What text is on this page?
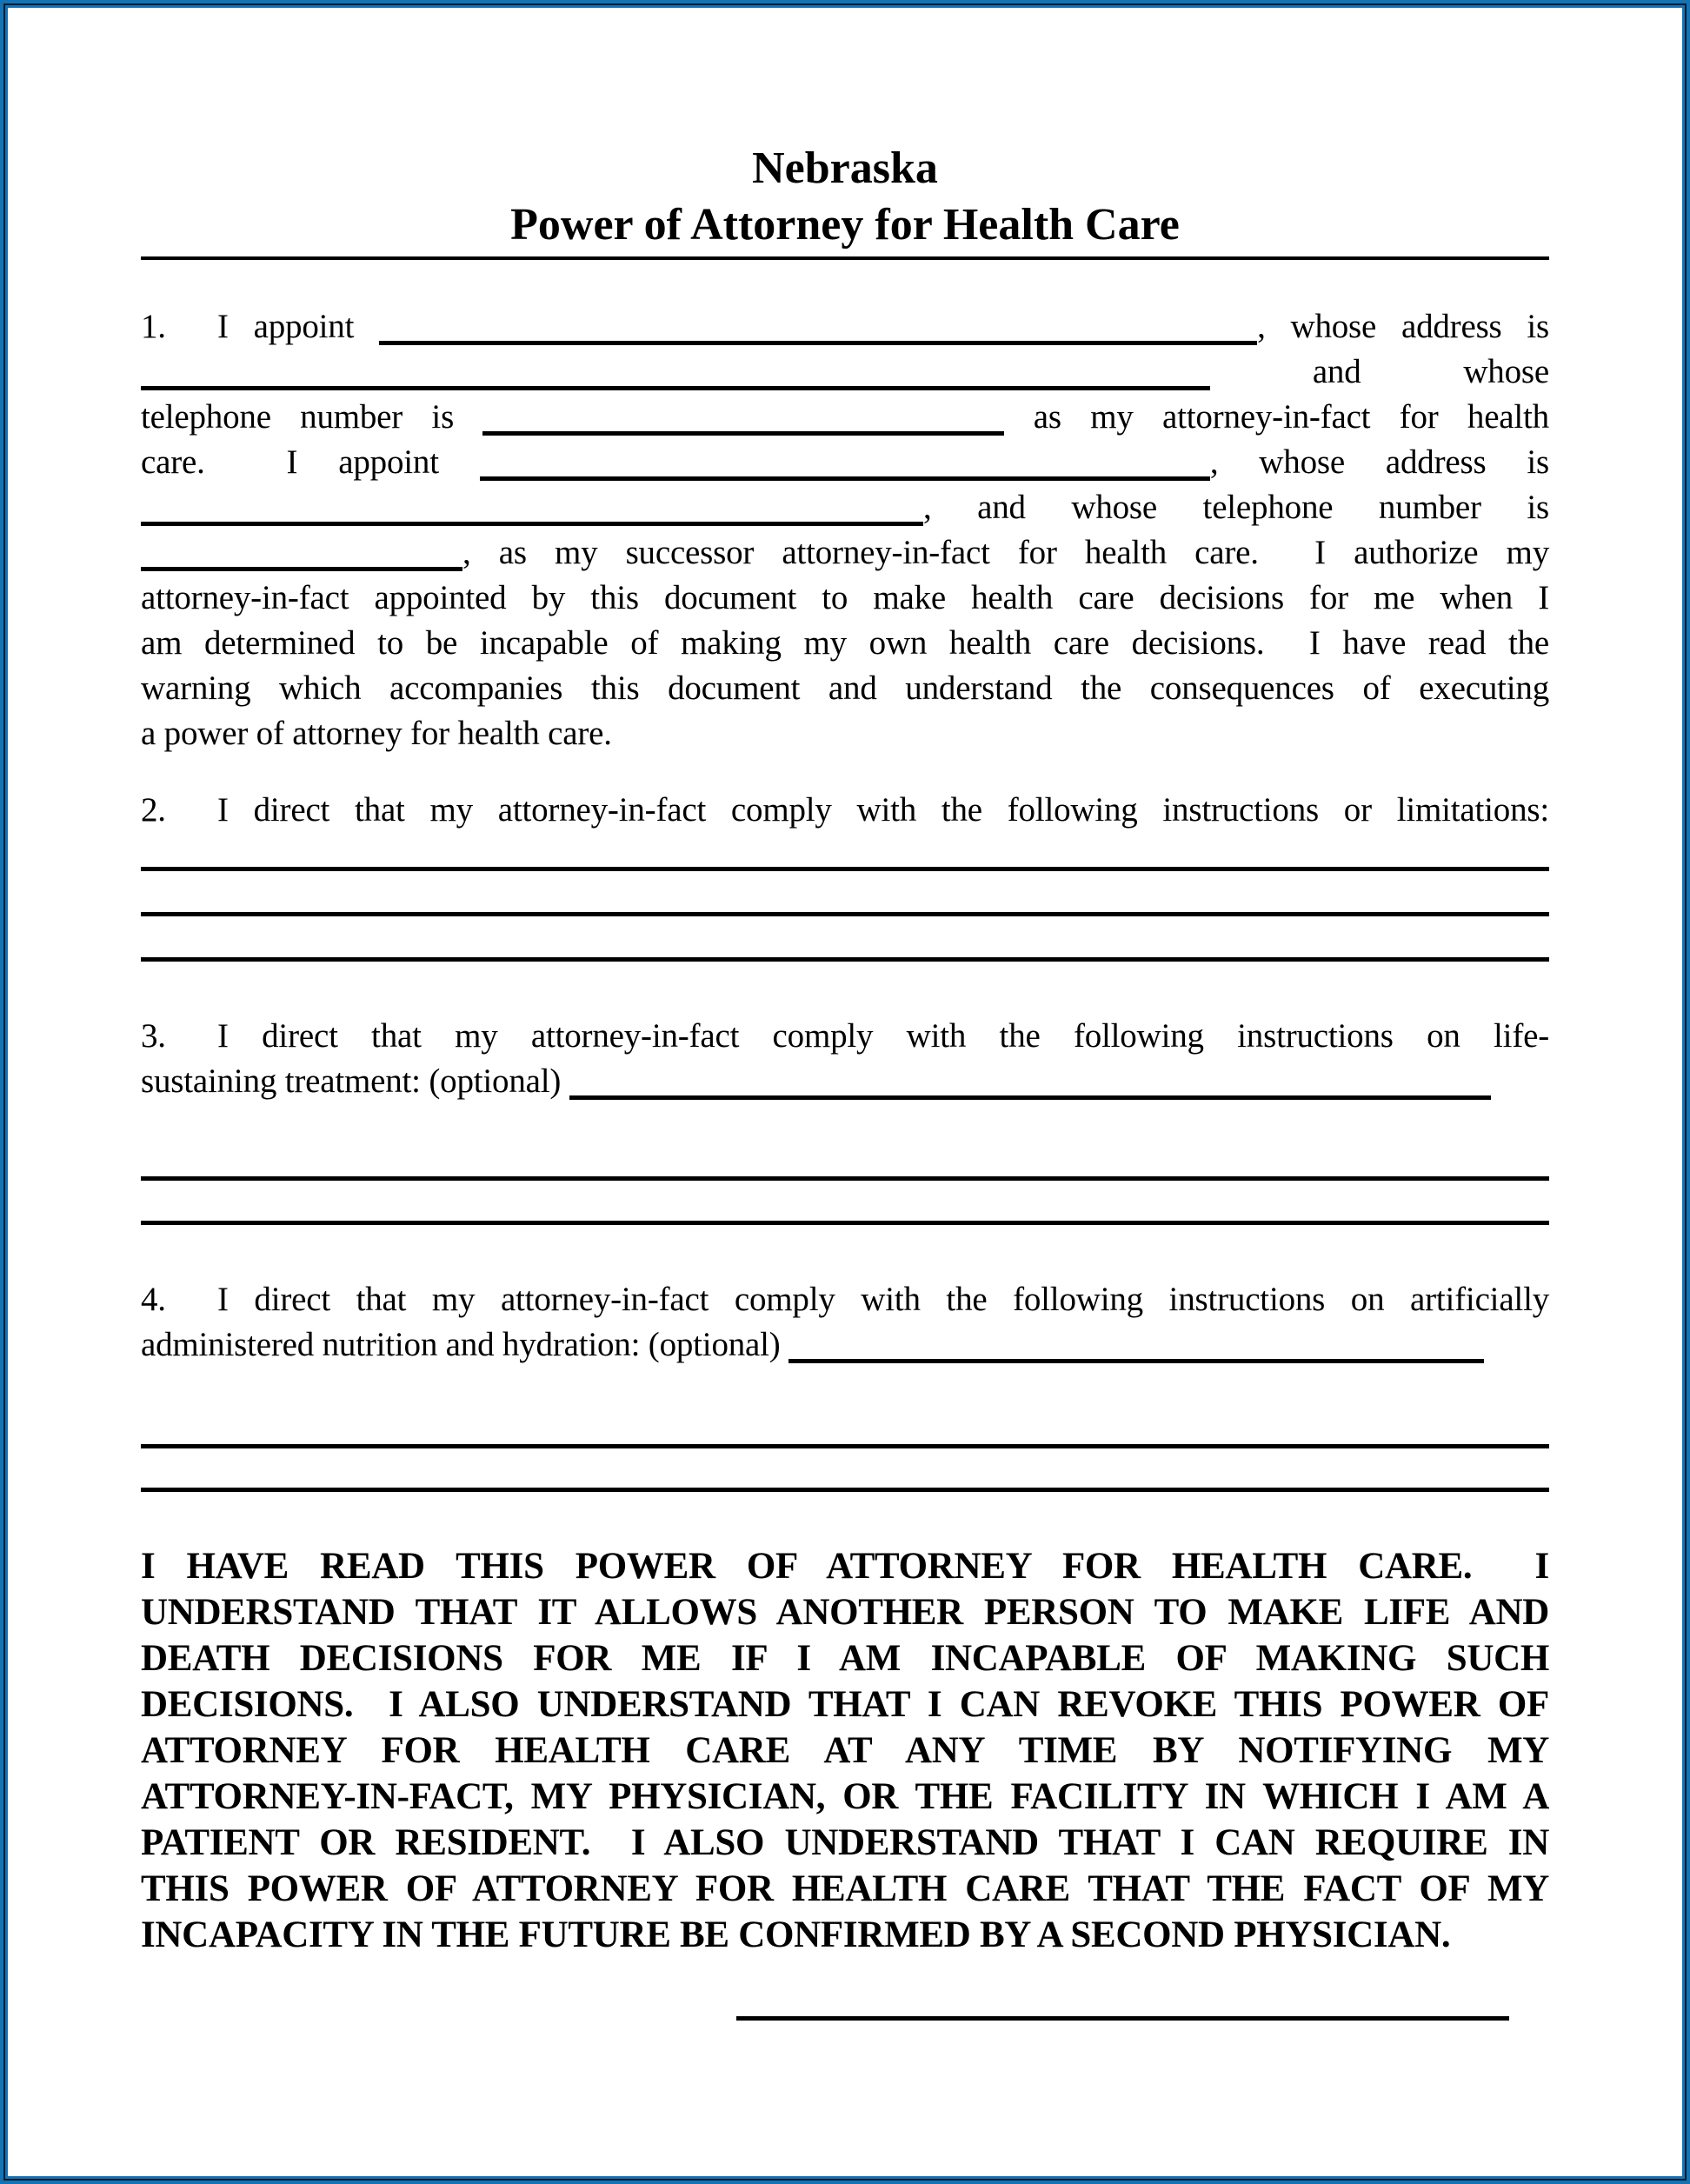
Nebraska
Power of Attorney for Health Care
1. I appoint	, whose address is
and whose
telephone number is	as my attorney-in-fact for health
care.  I appoint	, whose address is
, and whose telephone number is
, as my successor attorney-in-fact for health care.  I authorize my
attorney-in-fact appointed by this document to make health care decisions for me when I
am determined to be incapable of making my own health care decisions.  I have read the
warning which accompanies this document and understand the consequences of executing
a power of attorney for health care.
2. I direct that my attorney-in-fact comply with the following instructions or limitations:
3. I direct that my attorney-in-fact comply with the following instructions on life-
sustaining treatment: (optional)
4. I direct that my attorney-in-fact comply with the following instructions on artificially
administered nutrition and hydration: (optional)
I HAVE READ THIS POWER OF ATTORNEY FOR HEALTH CARE.  I
UNDERSTAND THAT IT ALLOWS ANOTHER PERSON TO MAKE LIFE AND
DEATH DECISIONS FOR ME IF I AM INCAPABLE OF MAKING SUCH
DECISIONS.  I ALSO UNDERSTAND THAT I CAN REVOKE THIS POWER OF
ATTORNEY FOR HEALTH CARE AT ANY TIME BY NOTIFYING MY
ATTORNEY-IN-FACT, MY PHYSICIAN, OR THE FACILITY IN WHICH I AM A
PATIENT OR RESIDENT.  I ALSO UNDERSTAND THAT I CAN REQUIRE IN
THIS POWER OF ATTORNEY FOR HEALTH CARE THAT THE FACT OF MY
INCAPACITY IN THE FUTURE BE CONFIRMED BY A SECOND PHYSICIAN.
